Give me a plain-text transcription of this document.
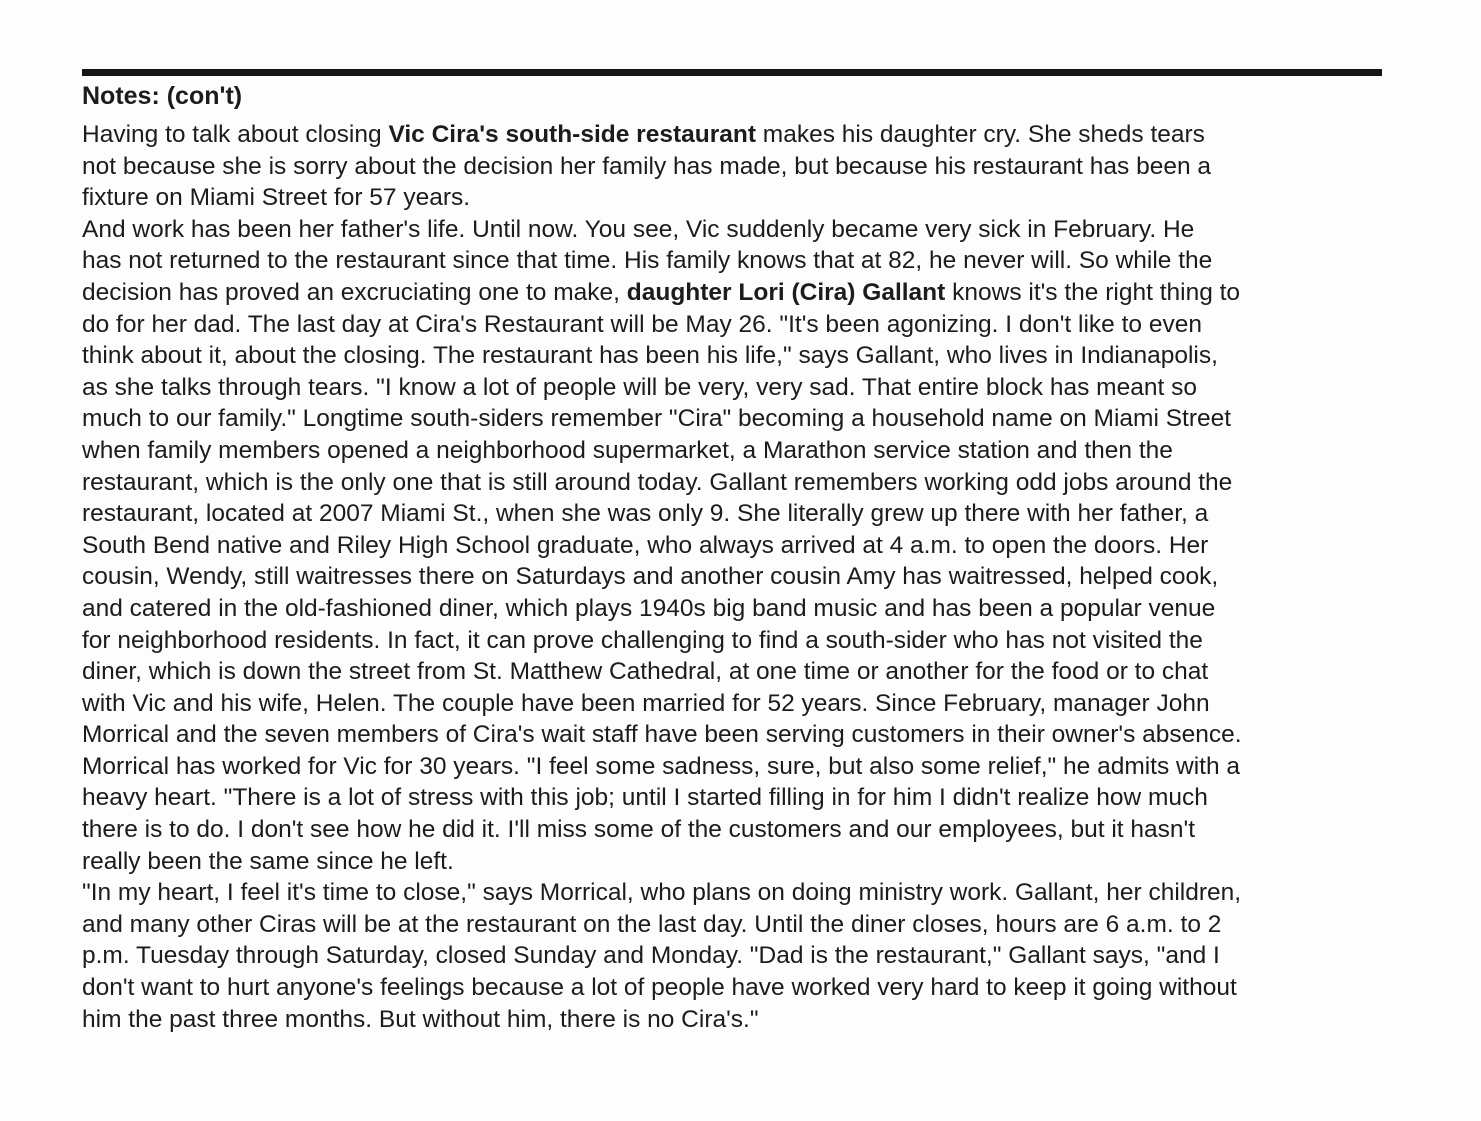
Notes: (con't)
Having to talk about closing Vic Cira's south-side restaurant makes his daughter cry. She sheds tears
not because she is sorry about the decision her family has made, but because his restaurant has been a
fixture on Miami Street for 57 years.
And work has been her father's life. Until now. You see, Vic suddenly became very sick in February. He
has not returned to the restaurant since that time. His family knows that at 82, he never will. So while the
decision has proved an excruciating one to make, daughter Lori (Cira) Gallant knows it's the right thing to
do for her dad. The last day at Cira's Restaurant will be May 26. "It's been agonizing. I don't like to even
think about it, about the closing. The restaurant has been his life," says Gallant, who lives in Indianapolis,
as she talks through tears. "I know a lot of people will be very, very sad. That entire block has meant so
much to our family." Longtime south-siders remember "Cira" becoming a household name on Miami Street
when family members opened a neighborhood supermarket, a Marathon service station and then the
restaurant, which is the only one that is still around today. Gallant remembers working odd jobs around the
restaurant, located at 2007 Miami St., when she was only 9. She literally grew up there with her father, a
South Bend native and Riley High School graduate, who always arrived at 4 a.m. to open the doors. Her
cousin, Wendy, still waitresses there on Saturdays and another cousin Amy has waitressed, helped cook,
and catered in the old-fashioned diner, which plays 1940s big band music and has been a popular venue
for neighborhood residents. In fact, it can prove challenging to find a south-sider who has not visited the
diner, which is down the street from St. Matthew Cathedral, at one time or another for the food or to chat
with Vic and his wife, Helen. The couple have been married for 52 years. Since February, manager John
Morrical and the seven members of Cira's wait staff have been serving customers in their owner's absence.
Morrical has worked for Vic for 30 years. "I feel some sadness, sure, but also some relief," he admits with a
heavy heart. "There is a lot of stress with this job; until I started filling in for him I didn't realize how much
there is to do. I don't see how he did it. I'll miss some of the customers and our employees, but it hasn't
really been the same since he left.
"In my heart, I feel it's time to close," says Morrical, who plans on doing ministry work. Gallant, her children,
and many other Ciras will be at the restaurant on the last day. Until the diner closes, hours are 6 a.m. to 2
p.m. Tuesday through Saturday, closed Sunday and Monday. "Dad is the restaurant," Gallant says, "and I
don't want to hurt anyone's feelings because a lot of people have worked very hard to keep it going without
him the past three months. But without him, there is no Cira's."
